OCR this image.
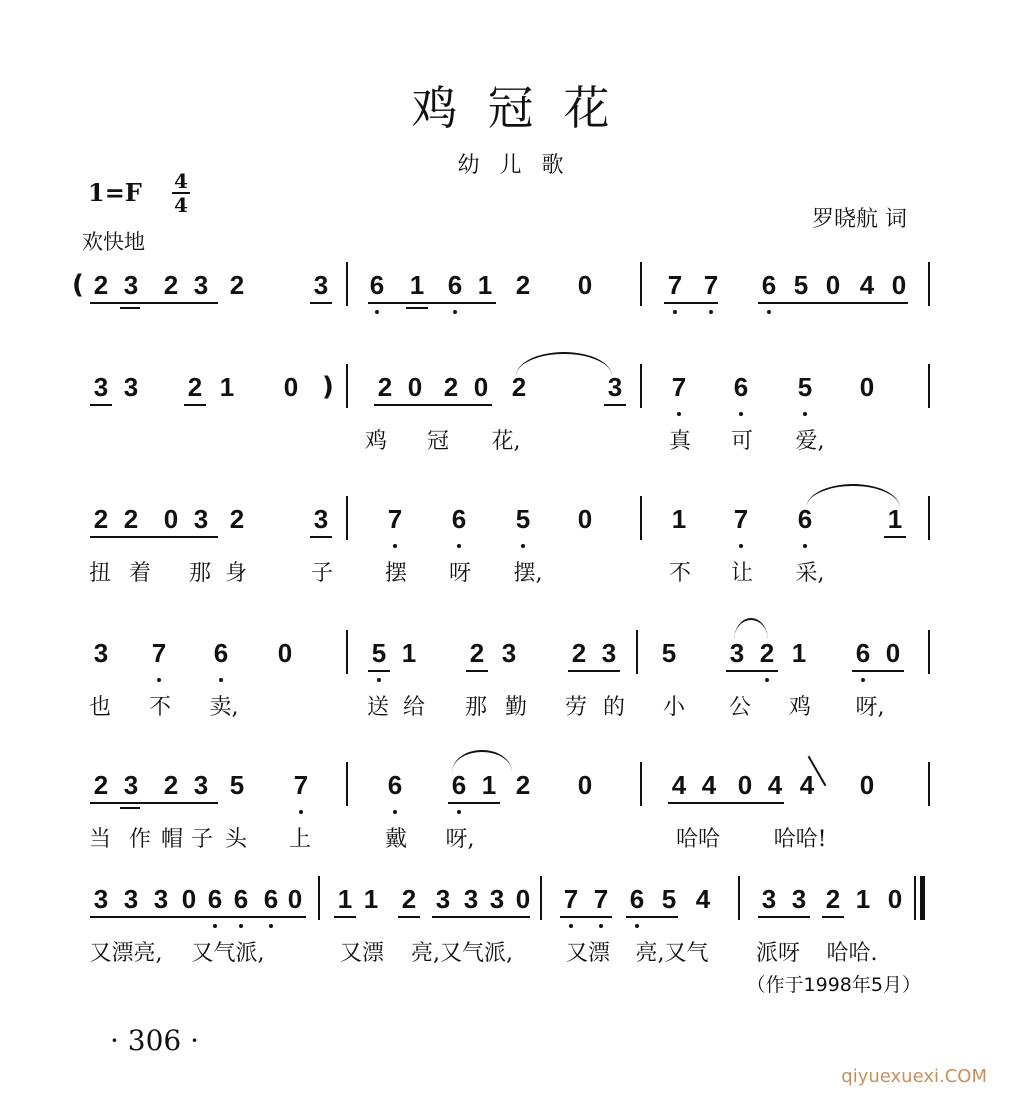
鸡冠花
幼儿歌
1=F 4
4
欢快地
罗晓航 词
( 2 3 2 3 2	3 6 1 6 1 2 0	7 7 6 5 0 4 0
3 3 2 1 0 ) 2 0 2 0 2	3 7 6 5 0
鸡	冠	花,	真	可	爱,
2 2 0 3 2	3 7 6 5 0	1 7 6	1
扭 着	那 身	子	摆	呀	摆,	不	让	采,
3 7 6 0	5 1 2 3 2 3 5 3 2 1 6 0
也	不	卖,	送 给	那 勤	劳 的	小	公	鸡	呀,
2 3 2 3 5 7	6 6 1 2 0	4 4 0 4 4 0
当 作 帽 子 头	上	戴	呀,	哈哈	哈哈!
3 3 3 0 6 6 6 0 1 1 2 3 3 3 0 7 7 6 5 4 3 3 2 1 0
又漂亮,	又气派,	又漂	亮,又气派,	又漂	亮,又气	派呀	哈哈.
（作于1998年5月）
· 306 ·
qiyuexuexi.COM
